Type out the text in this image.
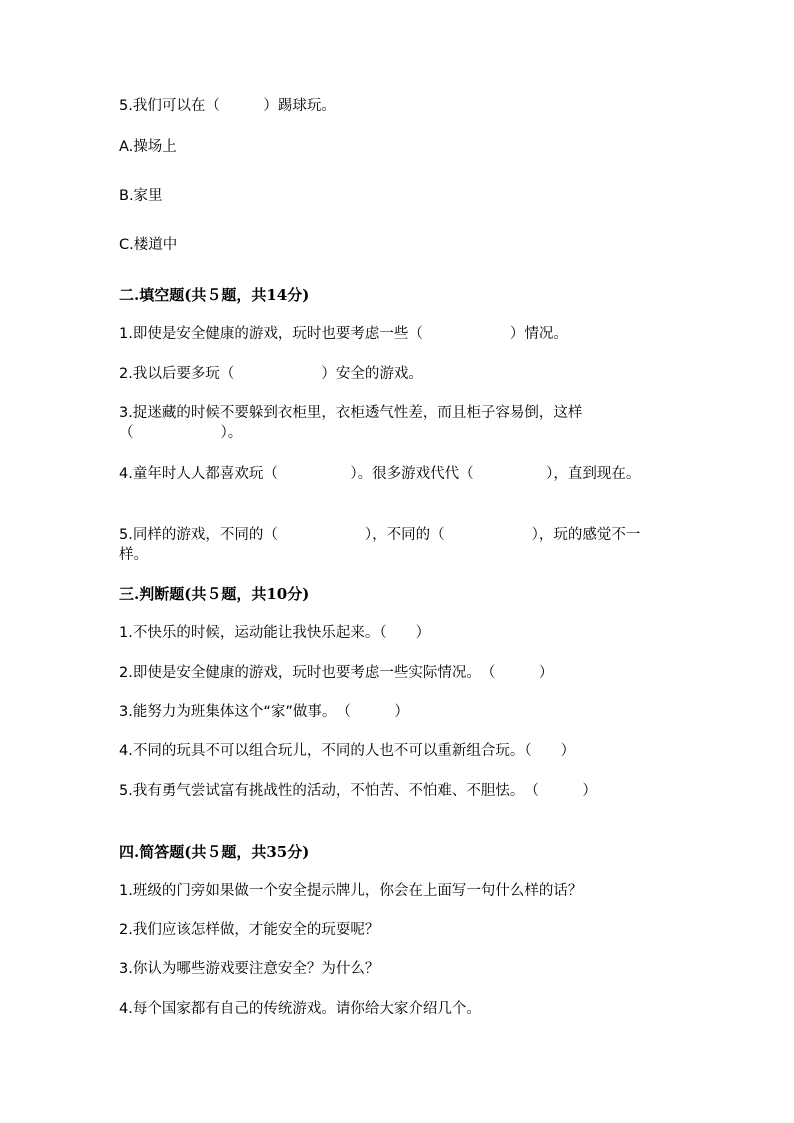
5.我们可以在（　　　）踢球玩。
A.操场上
B.家里
C.楼道中
二.填空题(共５题，共14分)
1.即使是安全健康的游戏，玩时也要考虑一些（　　　　　　）情况。
2.我以后要多玩（　　　　　　）安全的游戏。
3.捉迷藏的时候不要躲到衣柜里，衣柜透气性差，而且柜子容易倒，这样（　　　　　　）。
4.童年时人人都喜欢玩（　　　　　）。很多游戏代代（　　　　　），直到现在。
5.同样的游戏，不同的（　　　　　　），不同的（　　　　　　），玩的感觉不一样。
三.判断题(共５题，共10分)
1.不快乐的时候，运动能让我快乐起来。（　　）
2.即使是安全健康的游戏，玩时也要考虑一些实际情况。　（　　　）
3.能努力为班集体这个“家”做事。　（　　　）
4.不同的玩具不可以组合玩儿，不同的人也不可以重新组合玩。（　　）
5.我有勇气尝试富有挑战性的活动，不怕苦、不怕难、不胆怯。　（　　　）
四.简答题(共５题，共35分)
1.班级的门旁如果做一个安全提示牌儿，你会在上面写一句什么样的话？
2.我们应该怎样做，才能安全的玩耍呢？
3.你认为哪些游戏要注意安全？为什么？
4.每个国家都有自己的传统游戏。请你给大家介绍几个。
